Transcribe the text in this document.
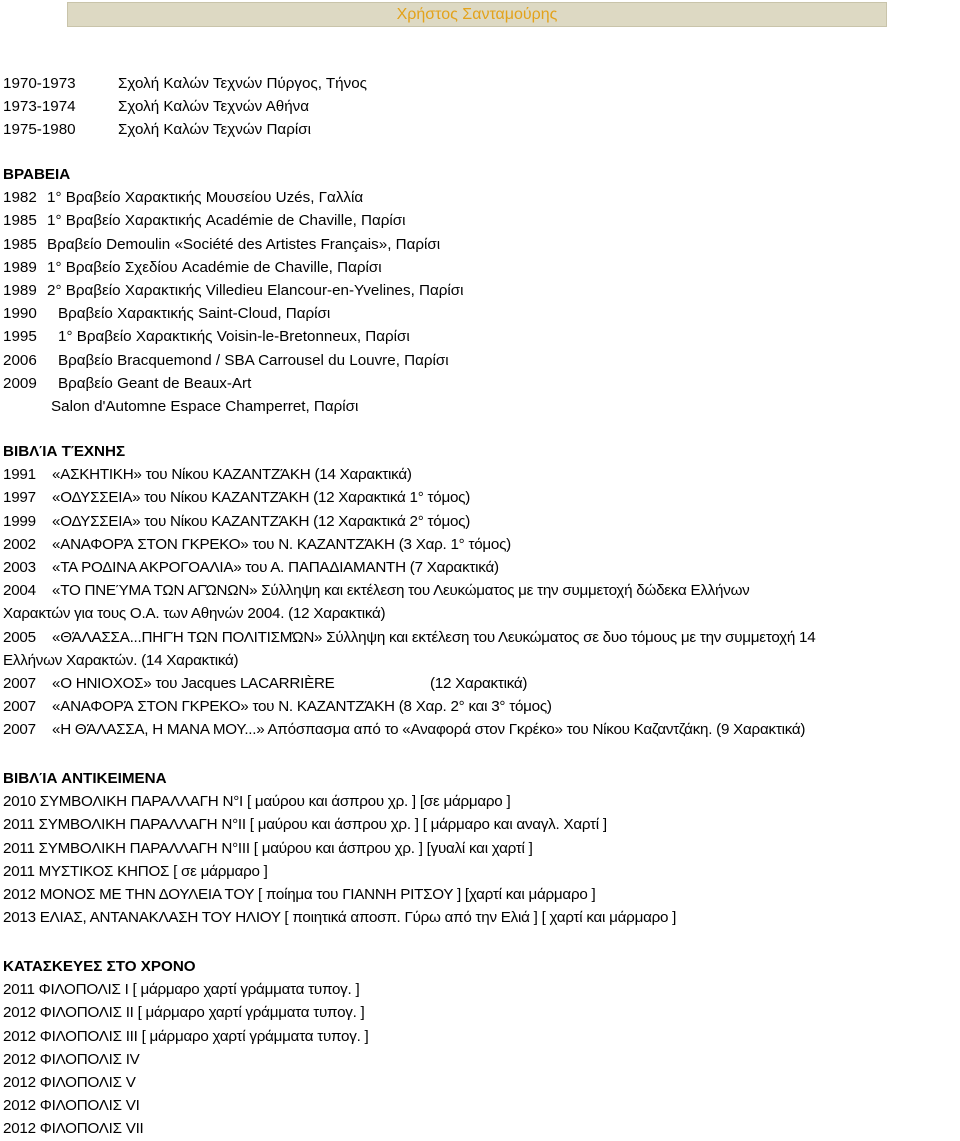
Χρήστος Σανταμούρης
1970-1973	Σχολή Καλών Τεχνών Πύργος, Τήνος
1973-1974	Σχολή Καλών Τεχνών Αθήνα
1975-1980	Σχολή Καλών Τεχνών Παρίσι
ΒΡΑΒΕΙΑ
1982 1° Βραβείο Χαρακτικής Μουσείου Uzés, Γαλλία
1985 1° Βραβείο Χαρακτικής Académie de Chaville, Παρίσι
1985 Βραβείο Demoulin «Société des Artistes Français», Παρίσι
1989 1° Βραβείο Σχεδίου Académie de Chaville, Παρίσι
1989 2° Βραβείο Χαρακτικής Villedieu Elancour-en-Yvelines, Παρίσι
1990 Βραβείο Χαρακτικής Saint-Cloud, Παρίσι
1995 1° Βραβείο Χαρακτικής Voisin-le-Bretonneux, Παρίσι
2006 Βραβείο Bracquemond / SBA Carrousel du Louvre, Παρίσι
2009 Βραβείο Geant de Beaux-Art
Salon d'Automne Espace Champerret, Παρίσι
ΒΙΒΛΊΑ ΤΈΧΝΗΣ
1991 «ΑΣΚΗΤΙΚΗ» του Νίκου ΚΑΖΑΝΤΖΆΚΗ (14 Χαρακτικά)
1997 «ΟΔΥΣΣΕΙΑ» του Νίκου ΚΑΖΑΝΤΖΆΚΗ (12 Χαρακτικά 1° τόμος)
1999 «ΟΔΥΣΣΕΙΑ» του Νίκου ΚΑΖΑΝΤΖΆΚΗ (12 Χαρακτικά 2° τόμος)
2002 «ΑΝΑΦΟΡΆ ΣΤΟΝ ΓΚΡΕΚΟ» του Ν. ΚΑΖΑΝΤΖΆΚΗ (3 Χαρ. 1° τόμος)
2003 «ΤΑ ΡΟΔΙΝΑ ΑΚΡΟΓΟΑΛΙΑ» του Α. ΠΑΠΑΔΙΑΜΑΝΤΗ (7 Χαρακτικά)
2004 «ΤΟ ΠΝΕΎΜΑ ΤΩΝ ΑΓΏΝΩΝ» Σύλληψη και εκτέλεση του Λευκώματος με την συμμετοχή δώδεκα Ελλήνων
Χαρακτών για τους Ο.Α. των Αθηνών 2004. (12 Χαρακτικά)
2005 «ΘΆΛΑΣΣΑ...ΠΗΓΉ ΤΩΝ ΠΟΛΙΤΙΣΜΏΝ» Σύλληψη και εκτέλεση του Λευκώματος σε δυο τόμους με την συμμετοχή 14
Ελλήνων Χαρακτών. (14 Χαρακτικά)
2007 «Ο ΗΝΙΟΧΟΣ» του Jacques LACARRIÈRE	(12 Χαρακτικά)
2007 «ΑΝΑΦΟΡΆ ΣΤΟΝ ΓΚΡΕΚΟ» του Ν. ΚΑΖΑΝΤΖΆΚΗ (8 Χαρ. 2° και 3° τόμος)
2007 «Η ΘΆΛΑΣΣΑ, Η ΜΑΝΑ ΜΟΥ...» Απόσπασμα από το «Αναφορά στον Γκρέκο» του Νίκου Καζαντζάκη. (9 Χαρακτικά)
ΒΙΒΛΊΑ ΑΝΤΙΚΕΙΜΕΝΑ
2010 ΣΥΜΒΟΛΙΚΗ ΠΑΡΑΛΛΑΓΗ N°I [ μαύρου και άσπρου χρ. ] [σε μάρμαρο ]
2011 ΣΥΜΒΟΛΙΚΗ ΠΑΡΑΛΛΑΓΗ N°II [ μαύρου και άσπρου χρ. ] [ μάρμαρο και αναγλ. Χαρτί ]
2011 ΣΥΜΒΟΛΙΚΗ ΠΑΡΑΛΛΑΓΗ N°III [ μαύρου και άσπρου χρ. ] [γυαλί και χαρτί ]
2011 ΜΥΣΤΙΚΟΣ ΚΗΠΟΣ [ σε μάρμαρο ]
2012 ΜΟΝΟΣ ΜΕ ΤΗΝ ΔΟΥΛΕΙΑ ΤΟΥ [ ποίημα του ΓΙΑΝΝΗ ΡΙΤΣΟΥ ] [χαρτί και μάρμαρο ]
2013 ΕΛΙΑΣ, ΑΝΤΑΝΑΚΛΑΣΗ ΤΟΥ ΗΛΙΟΥ [ ποιητικά αποσπ. Γύρω από την Ελιά ] [ χαρτί και μάρμαρο ]
ΚΑΤΑΣΚΕΥΕΣ ΣΤΟ ΧΡΟΝΟ
2011 ΦΙΛΟΠΟΛΙΣ I [ μάρμαρο χαρτί γράμματα τυπογ. ]
2012 ΦΙΛΟΠΟΛΙΣ II [ μάρμαρο χαρτί γράμματα τυπογ. ]
2012 ΦΙΛΟΠΟΛΙΣ III [ μάρμαρο χαρτί γράμματα τυπογ. ]
2012 ΦΙΛΟΠΟΛΙΣ IV
2012 ΦΙΛΟΠΟΛΙΣ V
2012 ΦΙΛΟΠΟΛΙΣ VI
2012 ΦΙΛΟΠΟΛΙΣ VII
